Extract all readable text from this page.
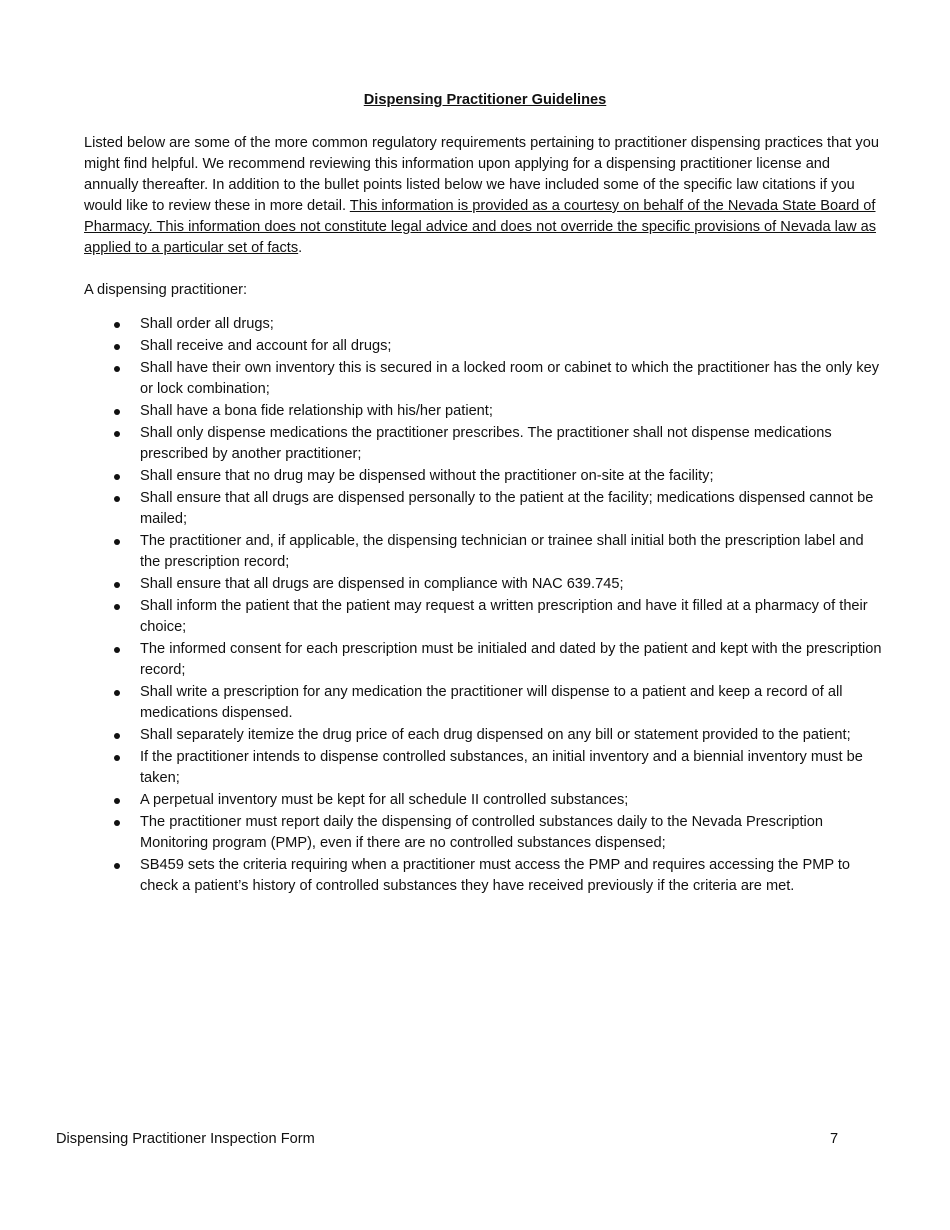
Dispensing Practitioner Guidelines

Listed below are some of the more common regulatory requirements pertaining to practitioner dispensing practices that you might find helpful. We recommend reviewing this information upon applying for a dispensing practitioner license and annually thereafter. In addition to the bullet points listed below we have included some of the specific law citations if you would like to review these in more detail. This information is provided as a courtesy on behalf of the Nevada State Board of Pharmacy. This information does not constitute legal advice and does not override the specific provisions of Nevada law as applied to a particular set of facts.

A dispensing practitioner:

Shall order all drugs;
Shall receive and account for all drugs;
Shall have their own inventory this is secured in a locked room or cabinet to which the practitioner has the only key or lock combination;
Shall have a bona fide relationship with his/her patient;
Shall only dispense medications the practitioner prescribes. The practitioner shall not dispense medications prescribed by another practitioner;
Shall ensure that no drug may be dispensed without the practitioner on-site at the facility;
Shall ensure that all drugs are dispensed personally to the patient at the facility; medications dispensed cannot be mailed;
The practitioner and, if applicable, the dispensing technician or trainee shall initial both the prescription label and the prescription record;
Shall ensure that all drugs are dispensed in compliance with NAC 639.745;
Shall inform the patient that the patient may request a written prescription and have it filled at a pharmacy of their choice;
The informed consent for each prescription must be initialed and dated by the patient and kept with the prescription record;
Shall write a prescription for any medication the practitioner will dispense to a patient and keep a record of all medications dispensed.
Shall separately itemize the drug price of each drug dispensed on any bill or statement provided to the patient;
If the practitioner intends to dispense controlled substances, an initial inventory and a biennial inventory must be taken;
A perpetual inventory must be kept for all schedule II controlled substances;
The practitioner must report daily the dispensing of controlled substances daily to the Nevada Prescription Monitoring program (PMP), even if there are no controlled substances dispensed;
SB459 sets the criteria requiring when a practitioner must access the PMP and requires accessing the PMP to check a patient’s history of controlled substances they have received previously if the criteria are met.
Dispensing Practitioner Inspection Form	7
